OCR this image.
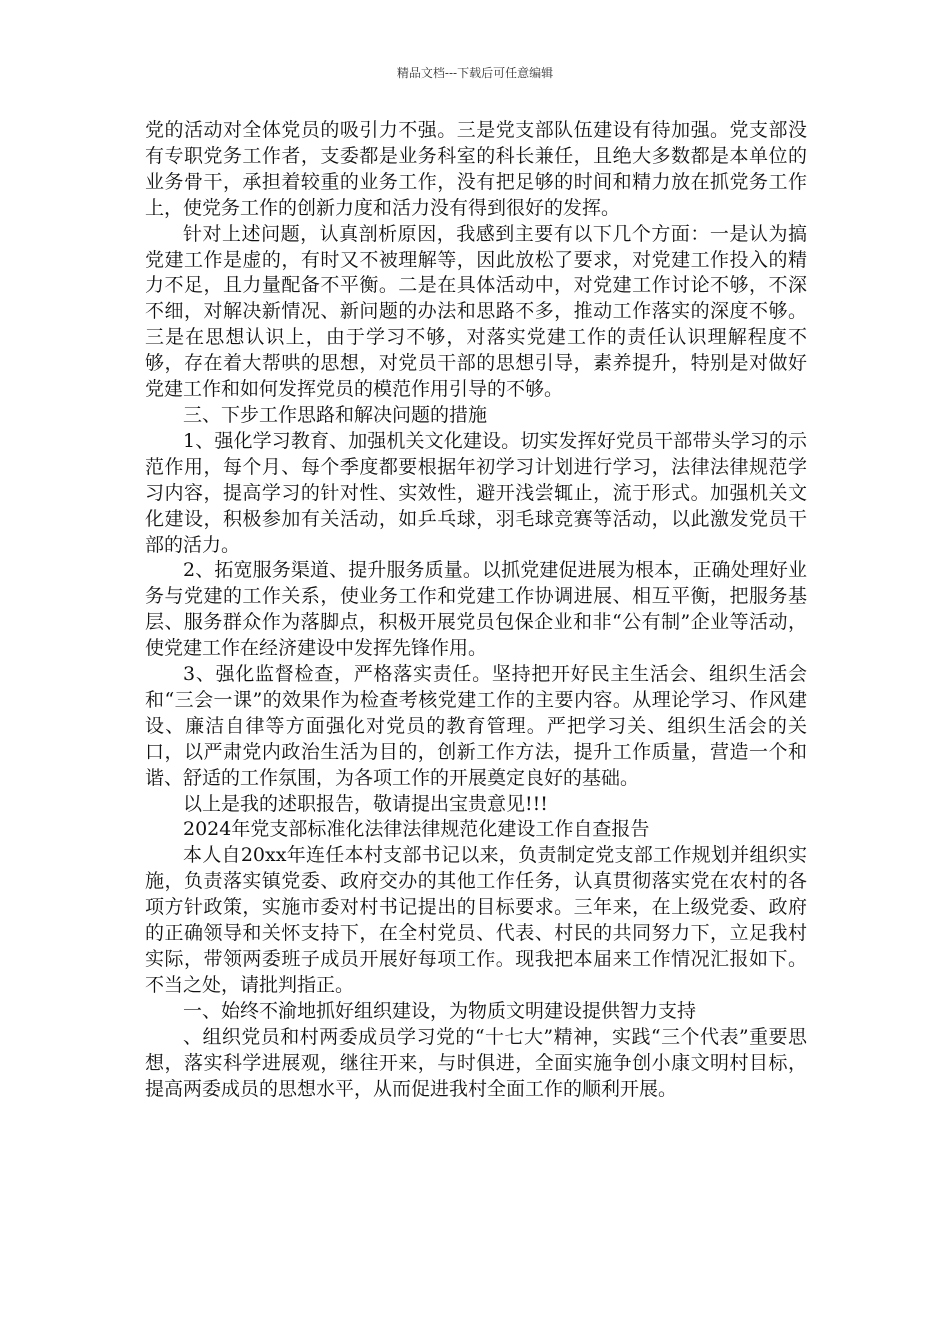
精品文档---下载后可任意编辑

党的活动对全体党员的吸引力不强。三是党支部队伍建设有待加强。党支部没有专职党务工作者，支委都是业务科室的科长兼任，且绝大多数都是本单位的业务骨干，承担着较重的业务工作，没有把足够的时间和精力放在抓党务工作上，使党务工作的创新力度和活力没有得到很好的发挥。

针对上述问题，认真剖析原因，我感到主要有以下几个方面：一是认为搞党建工作是虚的，有时又不被理解等，因此放松了要求，对党建工作投入的精力不足，且力量配备不平衡。二是在具体活动中，对党建工作讨论不够，不深不细，对解决新情况、新问题的办法和思路不多，推动工作落实的深度不够。三是在思想认识上，由于学习不够，对落实党建工作的责任认识理解程度不够，存在着大帮哄的思想，对党员干部的思想引导，素养提升，特别是对做好党建工作和如何发挥党员的模范作用引导的不够。

三、下步工作思路和解决问题的措施

1、强化学习教育、加强机关文化建设。切实发挥好党员干部带头学习的示范作用，每个月、每个季度都要根据年初学习计划进行学习，法律法律规范学习内容，提高学习的针对性、实效性，避开浅尝辄止，流于形式。加强机关文化建设，积极参加有关活动，如乒乓球，羽毛球竞赛等活动，以此激发党员干部的活力。

2、拓宽服务渠道、提升服务质量。以抓党建促进展为根本，正确处理好业务与党建的工作关系，使业务工作和党建工作协调进展、相互平衡，把服务基层、服务群众作为落脚点，积极开展党员包保企业和非“公有制”企业等活动，使党建工作在经济建设中发挥先锋作用。

3、强化监督检查，严格落实责任。坚持把开好民主生活会、组织生活会和“三会一课”的效果作为检查考核党建工作的主要内容。从理论学习、作风建设、廉洁自律等方面强化对党员的教育管理。严把学习关、组织生活会的关口，以严肃党内政治生活为目的，创新工作方法，提升工作质量，营造一个和谐、舒适的工作氛围，为各项工作的开展奠定良好的基础。

以上是我的述职报告，敬请提出宝贵意见!!!

2024年党支部标准化法律法律规范化建设工作自查报告

本人自20xx年连任本村支部书记以来，负责制定党支部工作规划并组织实施，负责落实镇党委、政府交办的其他工作任务，认真贯彻落实党在农村的各项方针政策，实施市委对村书记提出的目标要求。三年来，在上级党委、政府的正确领导和关怀支持下，在全村党员、代表、村民的共同努力下，立足我村实际，带领两委班子成员开展好每项工作。现我把本届来工作情况汇报如下。不当之处，请批判指正。

一、始终不渝地抓好组织建设，为物质文明建设提供智力支持

、组织党员和村两委成员学习党的“十七大”精神，实践“三个代表”重要思想，落实科学进展观，继往开来，与时俱进，全面实施争创小康文明村目标，提高两委成员的思想水平，从而促进我村全面工作的顺利开展。
